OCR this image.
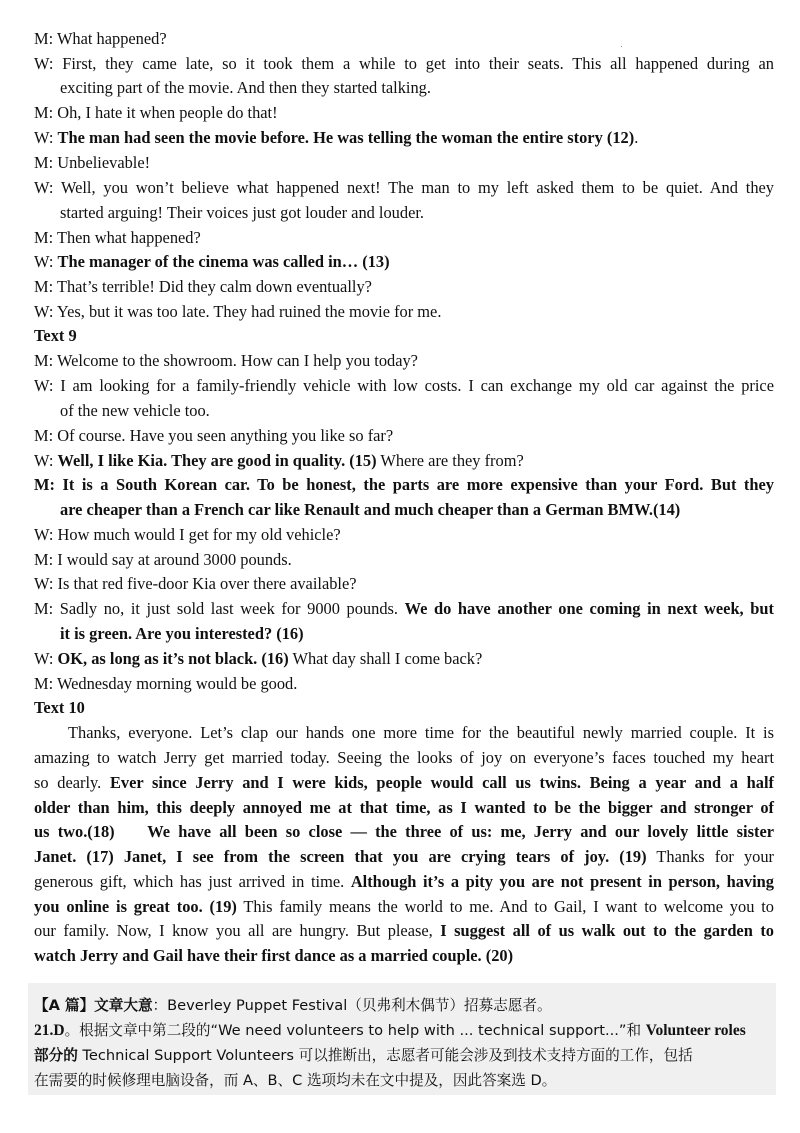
M: What happened?
W: First, they came late, so it took them a while to get into their seats. This all happened during an
exciting part of the movie. And then they started talking.
M: Oh, I hate it when people do that!
W: The man had seen the movie before. He was telling the woman the entire story (12).
M: Unbelievable!
W: Well, you won’t believe what happened next! The man to my left asked them to be quiet. And they
started arguing! Their voices just got louder and louder.
M: Then what happened?
W: The manager of the cinema was called in… (13)
M: That’s terrible! Did they calm down eventually?
W: Yes, but it was too late. They had ruined the movie for me.
Text 9
M: Welcome to the showroom. How can I help you today?
W: I am looking for a family-friendly vehicle with low costs. I can exchange my old car against the price
of the new vehicle too.
M: Of course. Have you seen anything you like so far?
W: Well, I like Kia. They are good in quality. (15) Where are they from?
M: It is a South Korean car. To be honest, the parts are more expensive than your Ford. But they
are cheaper than a French car like Renault and much cheaper than a German BMW.(14)
W: How much would I get for my old vehicle?
M: I would say at around 3000 pounds.
W: Is that red five-door Kia over there available?
M: Sadly no, it just sold last week for 9000 pounds. We do have another one coming in next week, but
it is green. Are you interested? (16)
W: OK, as long as it’s not black. (16) What day shall I come back?
M: Wednesday morning would be good.
Text 10
Thanks, everyone. Let’s clap our hands one more time for the beautiful newly married couple. It is
amazing to watch Jerry get married today. Seeing the looks of joy on everyone’s faces touched my heart
so dearly. Ever since Jerry and I were kids, people would call us twins. Being a year and a half
older than him, this deeply annoyed me at that time, as I wanted to be the bigger and stronger of
us two.(18)    We have all been so close — the three of us: me, Jerry and our lovely little sister
Janet. (17) Janet, I see from the screen that you are crying tears of joy. (19) Thanks for your
generous gift, which has just arrived in time. Although it’s a pity you are not present in person, having
you online is great too. (19) This family means the world to me. And to Gail, I want to welcome you to
our family. Now, I know you all are hungry. But please, I suggest all of us walk out to the garden to
watch Jerry and Gail have their first dance as a married couple. (20)
【A 篇】文章大意：Beverley Puppet Festival（贝弗利木偶节）招募志愿者。
21.D。根据文章中第二段的“We need volunteers to help with ... technical support...”和 Volunteer roles
部分的 Technical Support Volunteers 可以推断出，志愿者可能会涉及到技术支持方面的工作，包括
在需要的时候修理电脑设备，而 A、B、C 选项均未在文中提及，因此答案选 D。
